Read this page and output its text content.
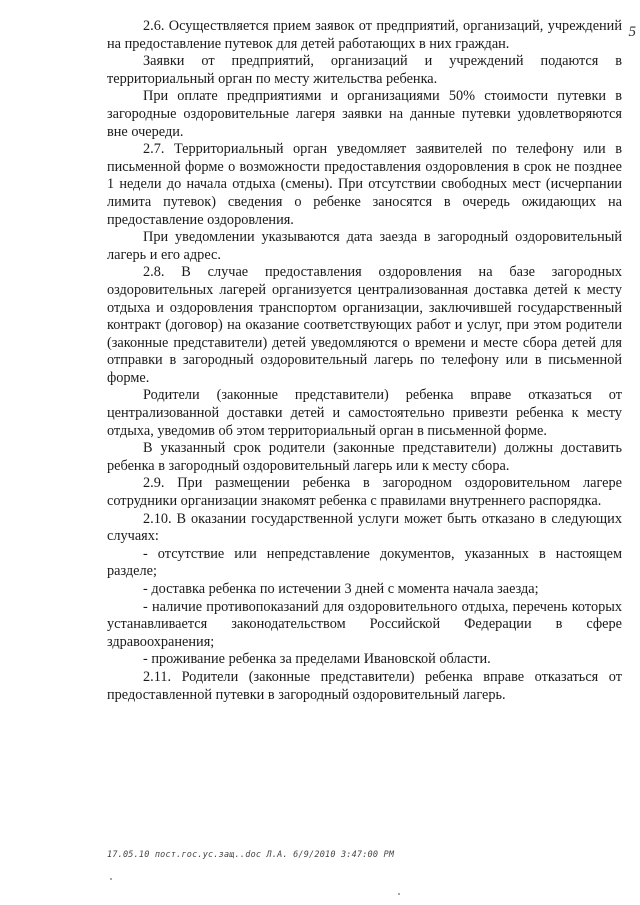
5

2.6. Осуществляется прием заявок от предприятий, организаций, учреждений на предоставление путевок для детей работающих в них граждан.

Заявки от предприятий, организаций и учреждений подаются в территориальный орган по месту жительства ребенка.

При оплате предприятиями и организациями 50% стоимости путевки в загородные оздоровительные лагеря заявки на данные путевки удовлетворяются вне очереди.

2.7. Территориальный орган уведомляет заявителей по телефону или в письменной форме о возможности предоставления оздоровления в срок не позднее 1 недели до начала отдыха (смены). При отсутствии свободных мест (исчерпании лимита путевок) сведения о ребенке заносятся в очередь ожидающих на предоставление оздоровления.

При уведомлении указываются дата заезда в загородный оздоровительный лагерь и его адрес.

2.8. В случае предоставления оздоровления на базе загородных оздоровительных лагерей организуется централизованная доставка детей к месту отдыха и оздоровления транспортом организации, заключившей государственный контракт (договор) на оказание соответствующих работ и услуг, при этом родители (законные представители) детей уведомляются о времени и месте сбора детей для отправки в загородный оздоровительный лагерь по телефону или в письменной форме.

Родители (законные представители) ребенка вправе отказаться от централизованной доставки детей и самостоятельно привезти ребенка к месту отдыха, уведомив об этом территориальный орган в письменной форме.

В указанный срок родители (законные представители) должны доставить ребенка в загородный оздоровительный лагерь или к месту сбора.

2.9. При размещении ребенка в загородном оздоровительном лагере сотрудники организации знакомят ребенка с правилами внутреннего распорядка.

2.10. В оказании государственной услуги может быть отказано в следующих случаях:

- отсутствие или непредставление документов, указанных в настоящем разделе;

- доставка ребенка по истечении 3 дней с момента начала заезда;

- наличие противопоказаний для оздоровительного отдыха, перечень которых устанавливается законодательством Российской Федерации в сфере здравоохранения;

- проживание ребенка за пределами Ивановской области.

2.11. Родители (законные представители) ребенка вправе отказаться от предоставленной путевки в загородный оздоровительный лагерь.

17.05.10 пост.гос.ус.защ..doc Л.А. 6/9/2010 3:47:00 PM
